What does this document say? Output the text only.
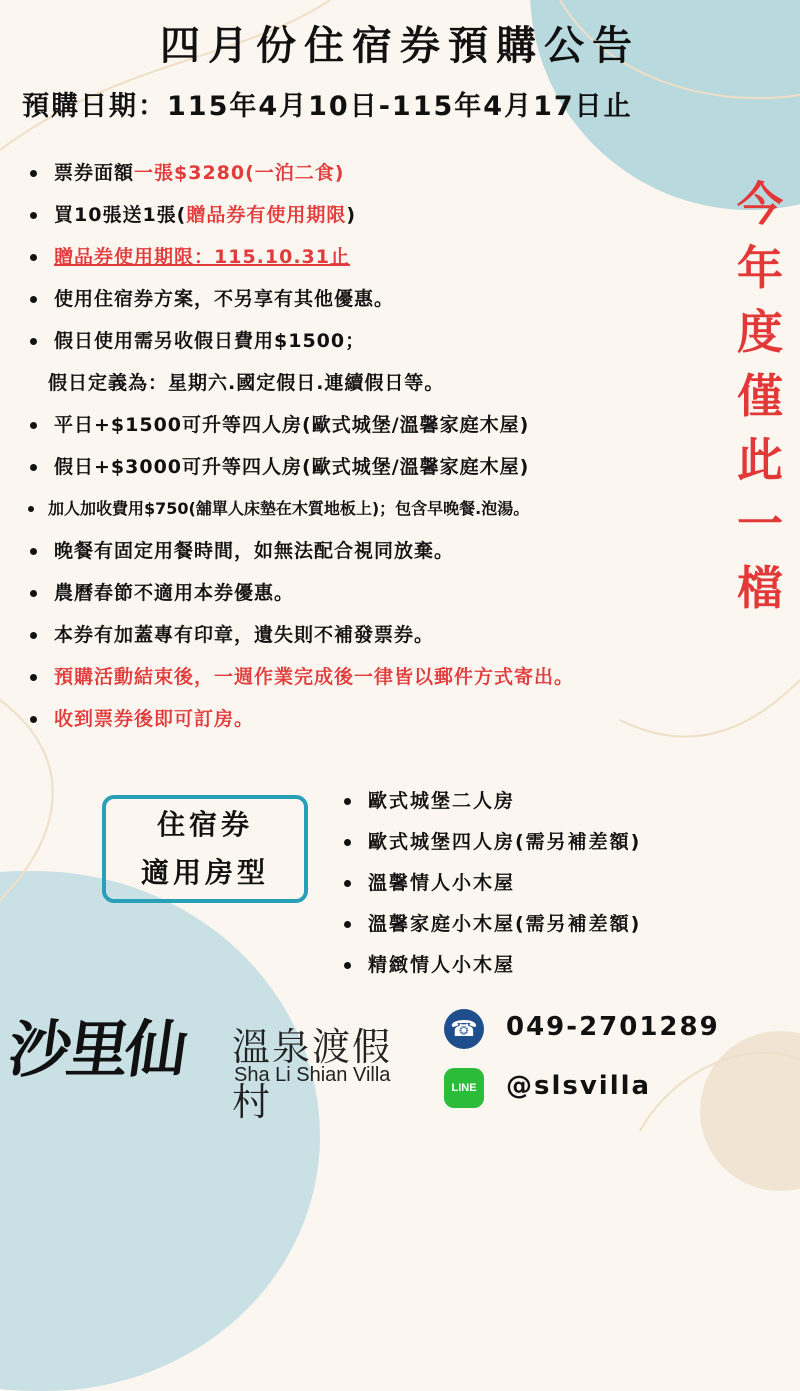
四月份住宿券預購公告
預購日期：115年4月10日-115年4月17日止
票券面額一張$3280(一泊二食)
買10張送1張(贈品券有使用期限)
贈品券使用期限：115.10.31止
使用住宿券方案，不另享有其他優惠。
假日使用需另收假日費用$1500；
假日定義為：星期六.國定假日.連續假日等。
平日+$1500可升等四人房(歐式城堡/溫馨家庭木屋)
假日+$3000可升等四人房(歐式城堡/溫馨家庭木屋)
加人加收費用$750(舖單人床墊在木質地板上)；包含早晚餐.泡湯。
晚餐有固定用餐時間，如無法配合視同放棄。
農曆春節不適用本券優惠。
本券有加蓋專有印章，遺失則不補發票券。
預購活動結束後，一週作業完成後一律皆以郵件方式寄出。
收到票券後即可訂房。
今
年
度
僅
此
一
檔
住宿券
適用房型
歐式城堡二人房
歐式城堡四人房(需另補差額)
溫馨情人小木屋
溫馨家庭小木屋(需另補差額)
精緻情人小木屋
沙里仙 溫泉渡假村
Sha Li Shian Villa
☎ 049-2701289
LINE @slsvilla
